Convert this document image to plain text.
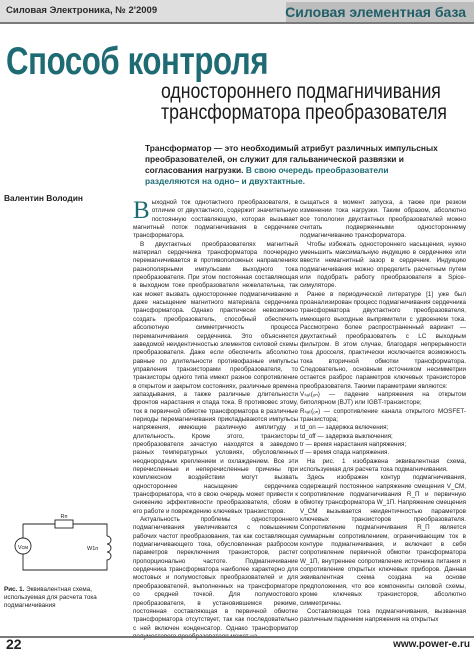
Силовая Электроника, № 2'2009	Силовая элементная база
Способ контроля
одностороннего подмагничивания
трансформатора преобразователя
Трансформатор — это необходимый атрибут различных импульсных преобразователей, он служит для гальванической развязки и согласования нагрузки. В свою очередь преобразователи разделяются на одно– и двухтактные.
Валентин Володин Выходной ток однотактного преобразователя, в отличие от двухтактного, содержит значительную постоянную составляющую, которая вызывает магнитный поток подмагничивания в сердечнике трансформатора.

В двухтактных преобразователях магнитный материал сердечника трансформатора поочередно перемагничивается в противоположных направлениях разнополярными импульсами выходного тока преобразователя. При этом постоянная составляющая в выходном токе преобразователя нежелательна, так как может вызвать одностороннее подмагничивание и даже насыщение магнитного материала сердечника трансформатора. Однако практически невозможно создать преобразователь, способный обеспечить абсолютную симметричность процесса перемагничивания сердечника. Это объясняется заведомой неидентичностью элементов силовой схемы преобразователя. Даже если обеспечить абсолютно равные по длительности противофазные импульсы управления транзисторами преобразователя, то транзисторы одного типа имеют разное сопротивление в открытом и закрытом состояниях, различные времена запаздывания, а также различные длительности фронтов нарастания и спада тока. В противовес этому, ток в первичной обмотке трансформатора в различные периоды перемагничивания прикладываются импульсы напряжения, имеющие различную амплитуду и длительность. Кроме этого, транзисторы преобразователя зачастую находятся в заведомо разных температурных условиях, обусловленных неоднородным креплением и охлаждением. Все эти перечисленные и неперечисленные причины при комплексном воздействии могут вызвать одностороннее насыщение сердечника трансформатора, что в свою очередь может привести к снижению эффективности преобразователя, сбоям в его работе и повреждению ключевых транзисторов.

Актуальность проблемы одностороннего подмагничивания увеличивается с повышением рабочих частот преобразования, так как составляющая подмагничивающего тока, обусловленная разбросом параметров переключения транзисторов, растет пропорционально частоте. Подмагничивание сердечника трансформатора наиболее характерно для мостовых и полумостовых преобразователей и для преобразователей, выполненных на трансформаторе со средней точкой. Для полумостового преобразователя, в установившемся режиме, постоянная составляющая в первичной обмотке трансформатора отсутствует, так как последовательно с ней включен конденсатор. Однако трансформатор

сыщаться в момент запуска, а также при резком изменении тока нагрузки. Таким образом, абсолютно все топологии двухтактных преобразователей можно считать подверженными одностороннему подмагничиванию трансформатора.

Чтобы избежать одностороннего насыщения, нужно уменьшить максимальную индукцию в сердечнике или ввести немагнитный зазор в сердечник. Индукцию подмагничивания можно определить расчетным путем или подобрать работу преобразователя в Spice-симуляторе.

Ранее в периодической литературе [1] уже был проанализирован процесс подмагничивания сердечника трансформатора двухтактного преобразователя, имеющего выходные выпрямители с удвоением тока. Рассмотрено более распространенный вариант — двухтактный преобразователь с LC выходным фильтром. В этом случае, благодаря непрерывности тока дросселя, практически исключается возможность тока вторичной обмотки трансформатора. Следовательно, основным источником несимметрии остается разброс параметров ключевых транзисторов преобразователя. Такими параметрами являются:

Vₛₐₜ(ₒₙ) — падение напряжения на открытом биполярном (BJT) или IGBT-транзисторе;

Rₛₐₜ(ₒₙ) — сопротивление канала открытого MOSFET-транзистора;

td_on — задержка включения;

td_off — задержка выключения;

tr — время нарастания напряжения;

tf — время спада напряжения.

На рис. 1 изображена эквивалентная схема, используемая для расчета тока подмагничивания.

Здесь изображен контур подмагничивания, содержащий постоянное напряжение смещения V_CM, сопротивление подмагничивания R_П и первичную обмотку трансформатора W_1П. Напряжение смещения V_CM вызывается неидентичностью параметров ключевых транзисторов преобразователя. Сопротивление подмагничивания R_П является суммарным сопротивлением, ограничивающим ток в контуре подмагничивания, и включает в себя сопротивление первичной обмотки трансформатора W_1П, внутреннее сопротивление источника питания и сопротивление открытых ключевых приборов. Данная эквивалентная схема создана на основе предположения, что все компоненты силовой схемы, кроме ключевых транзисторов, абсолютно симметричны.

Составляющая тока подмагничивания, вызванная различным падением напряжения на открытых

Vсм
Rп
W1п
Рис. 1. Эквивалентная схема, используемая для расчета тока подмагничивания
22	www.power-e.ru
